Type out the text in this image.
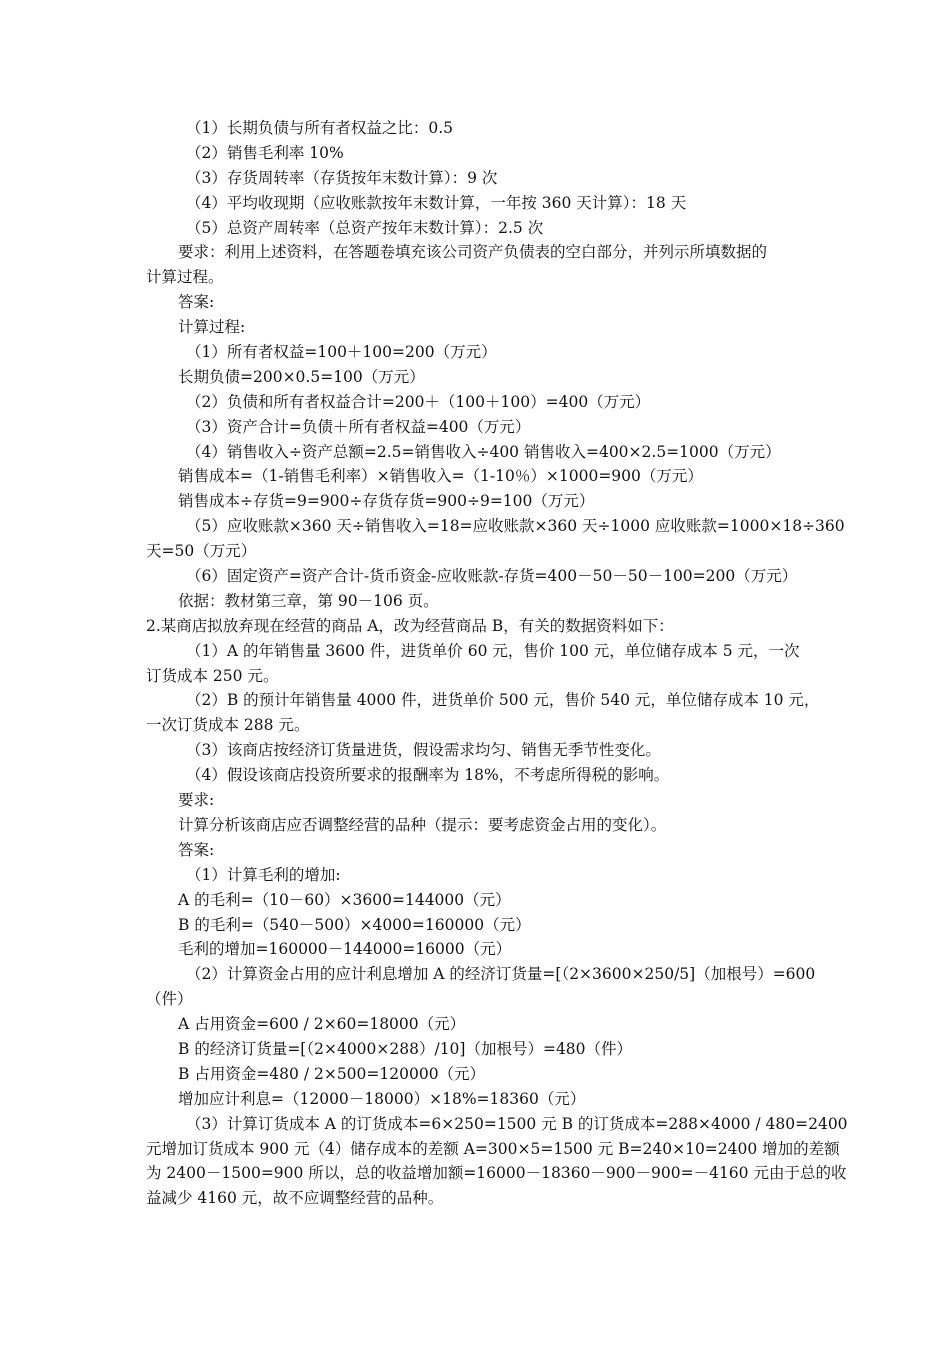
（1）长期负债与所有者权益之比：0.5
（2）销售毛利率 10%
（3）存货周转率（存货按年末数计算）：9 次
（4）平均收现期（应收账款按年末数计算，一年按 360 天计算）：18 天
（5）总资产周转率（总资产按年末数计算）：2.5 次
要求：利用上述资料，在答题卷填充该公司资产负债表的空白部分，并列示所填数据的
计算过程。
答案:
计算过程:
（1）所有者权益=100＋100=200（万元）
长期负债=200×0.5=100（万元）
（2）负债和所有者权益合计=200＋（100＋100）=400（万元）
（3）资产合计=负债＋所有者权益=400（万元）
（4）销售收入÷资产总额=2.5=销售收入÷400 销售收入=400×2.5=1000（万元）
销售成本=（1-销售毛利率）×销售收入=（1-10％）×1000=900（万元）
销售成本÷存货=9=900÷存货存货=900÷9=100（万元）
（5）应收账款×360 天÷销售收入=18=应收账款×360 天÷1000 应收账款=1000×18÷360
天=50（万元）
（6）固定资产=资产合计-货币资金-应收账款-存货=400－50－50－100=200（万元）
依据：教材第三章，第 90－106 页。
2.某商店拟放弃现在经营的商品 A，改为经营商品 B，有关的数据资料如下：
（1）A 的年销售量 3600 件，进货单价 60 元，售价 100 元，单位储存成本 5 元，一次
订货成本 250 元。
（2）B 的预计年销售量 4000 件，进货单价 500 元，售价 540 元，单位储存成本 10 元，
一次订货成本 288 元。
（3）该商店按经济订货量进货，假设需求均匀、销售无季节性变化。
（4）假设该商店投资所要求的报酬率为 18%，不考虑所得税的影响。
要求:
计算分析该商店应否调整经营的品种（提示：要考虑资金占用的变化）。
答案:
（1）计算毛利的增加:
A 的毛利=（10－60）×3600=144000（元）
B 的毛利=（540－500）×4000=160000（元）
毛利的增加=160000－144000=16000（元）
（2）计算资金占用的应计利息增加 A 的经济订货量=[（2×3600×250/5]（加根号）=600
（件）
A 占用资金=600 / 2×60=18000（元）
B 的经济订货量=[（2×4000×288）/10]（加根号）=480（件）
B 占用资金=480 / 2×500=120000（元）
增加应计利息=（12000－18000）×18%=18360（元）
（3）计算订货成本 A 的订货成本=6×250=1500 元 B 的订货成本=288×4000 / 480=2400
元增加订货成本 900 元（4）储存成本的差额 A=300×5=1500 元 B=240×10=2400 增加的差额
为 2400－1500=900 所以，总的收益增加额=16000－18360－900－900=－4160 元由于总的收
益减少 4160 元，故不应调整经营的品种。
